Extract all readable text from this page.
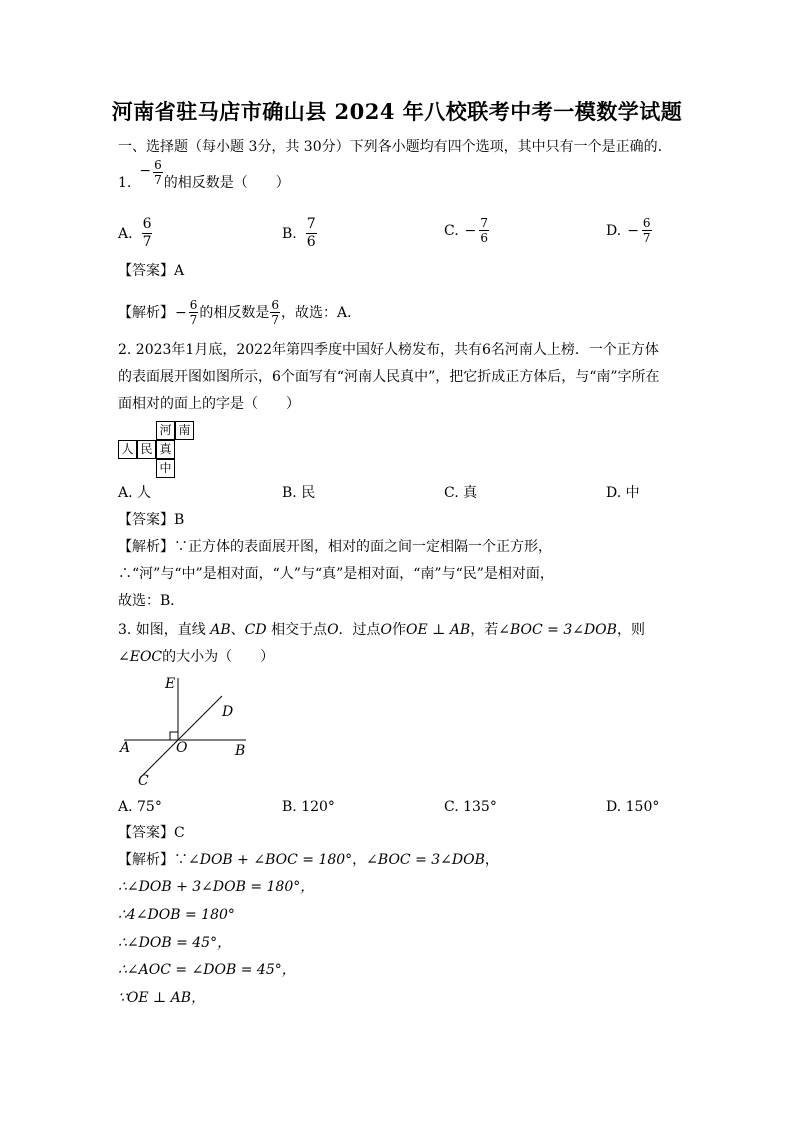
河南省驻马店市确山县 2024 年八校联考中考一模数学试题
一、选择题（每小题 3分，共 30分）下列各小题均有四个选项，其中只有一个是正确的.
1.
− $\frac{6}{7}$ 的相反数是（　　）
A. $\frac{6}{7}$	B. $\frac{7}{6}$	C. − $\frac{7}{6}$	D. − $\frac{6}{7}$
【答案】A
【解析】 − $\frac{6}{7}$ 的相反数是 $\frac{6}{7}$ ，故选：A．
2. 2023年1月底，2022年第四季度中国好人榜发布，共有6名河南人上榜．一个正方体
的表面展开图如图所示，6个面写有“河南人民真中”，把它折成正方体后，与“南”字所在
面相对的面上的字是（　　）
河 南
人 民 真
中
A. 人	B. 民	C. 真	D. 中
【答案】B
【解析】∵正方体的表面展开图，相对的面之间一定相隔一个正方形，
∴“河”与“中”是相对面，“人”与“真”是相对面，“南”与“民”是相对面，
故选：B．
3. 如图，直线 AB、CD 相交于点O．过点O作OE ⊥ AB，若∠BOC = 3∠DOB，则
∠EOC的大小为（　　）
E
D
A	O	B
C
A. 75°	B. 120°	C. 135°	D. 150°
【答案】C
【解析】∵∠DOB + ∠BOC = 180°，∠BOC = 3∠DOB，
∴∠DOB + 3∠DOB = 180°，
∴4∠DOB = 180°
∴∠DOB = 45°，
∴∠AOC = ∠DOB = 45°，
∵OE ⊥ AB，
